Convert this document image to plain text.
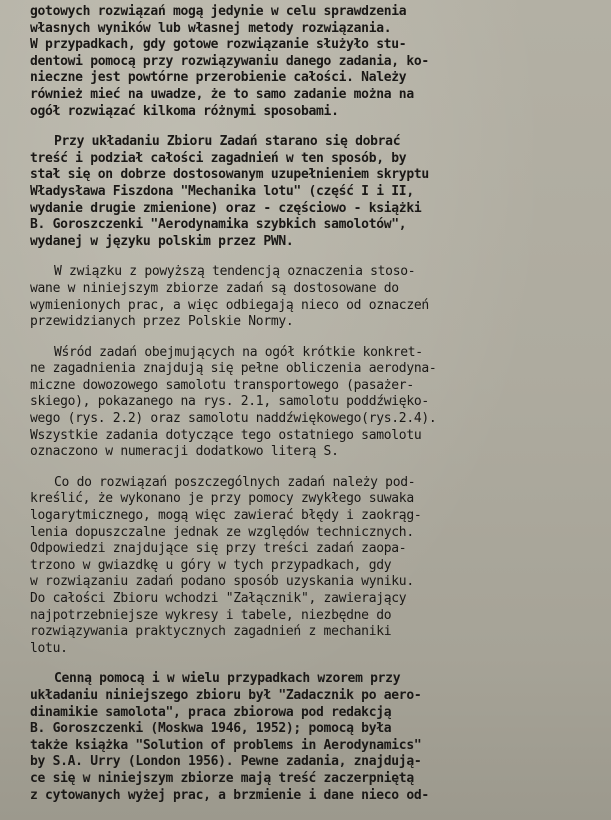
gotowych rozwiązań mogą jedynie w celu sprawdzenia
własnych wyników lub własnej metody rozwiązania.
W przypadkach, gdy gotowe rozwiązanie służyło stu-
dentowi pomocą przy rozwiązywaniu danego zadania, ko-
nieczne jest powtórne przerobienie całości. Należy
również mieć na uwadze, że to samo zadanie można na
ogół rozwiązać kilkoma różnymi sposobami.
Przy układaniu Zbioru Zadań starano się dobrać
treść i podział całości zagadnień w ten sposób, by
stał się on dobrze dostosowanym uzupełnieniem skryptu
Władysława Fiszdona "Mechanika lotu" (część I i II,
wydanie drugie zmienione) oraz - częściowo - książki
B. Goroszczenki "Aerodynamika szybkich samolotów",
wydanej w języku polskim przez PWN.
W związku z powyższą tendencją oznaczenia stoso-
wane w niniejszym zbiorze zadań są dostosowane do
wymienionych prac, a więc odbiegają nieco od oznaczeń
przewidzianych przez Polskie Normy.
Wśród zadań obejmujących na ogół krótkie konkret-
ne zagadnienia znajdują się pełne obliczenia aerodyna-
miczne dowozowego samolotu transportowego (pasażer-
skiego), pokazanego na rys. 2.1, samolotu poddźwięko-
wego (rys. 2.2) oraz samolotu naddźwiękowego(rys.2.4).
Wszystkie zadania dotyczące tego ostatniego samolotu
oznaczono w numeracji dodatkowo literą S.
Co do rozwiązań poszczególnych zadań należy pod-
kreślić, że wykonano je przy pomocy zwykłego suwaka
logarytmicznego, mogą więc zawierać błędy i zaokrąg-
lenia dopuszczalne jednak ze względów technicznych.
Odpowiedzi znajdujące się przy treści zadań zaopa-
trzono w gwiazdkę u góry w tych przypadkach, gdy
w rozwiązaniu zadań podano sposób uzyskania wyniku.
Do całości Zbioru wchodzi "Załącznik", zawierający
najpotrzebniejsze wykresy i tabele, niezbędne do
rozwiązywania praktycznych zagadnień z mechaniki
lotu.
Cenną pomocą i w wielu przypadkach wzorem przy
układaniu niniejszego zbioru był "Zadacznik po aero-
dinamikie samolota", praca zbiorowa pod redakcją
B. Goroszczenki (Moskwa 1946, 1952); pomocą była
także książka "Solution of problems in Aerodynamics"
by S.A. Urry (London 1956). Pewne zadania, znajdują-
ce się w niniejszym zbiorze mają treść zaczerpniętą
z cytowanych wyżej prac, a brzmienie i dane nieco od-
